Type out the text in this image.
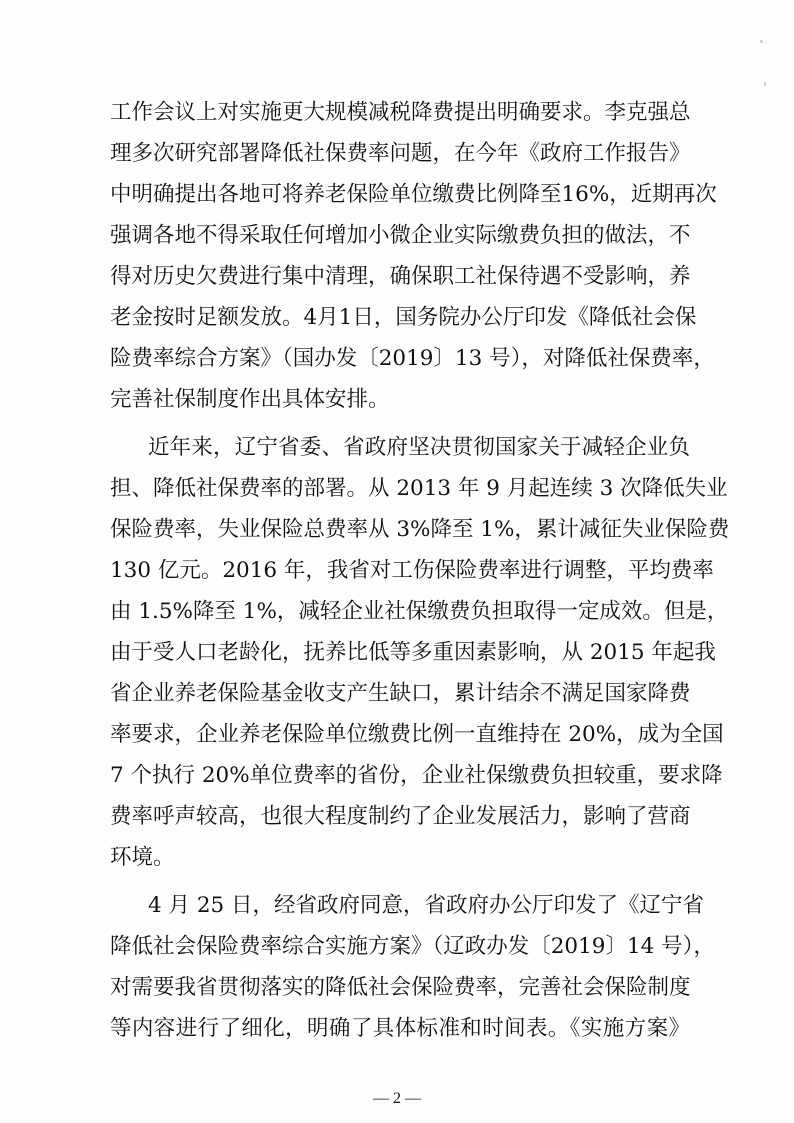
工作会议上对实施更大规模减税降费提出明确要求。李克强总
理多次研究部署降低社保费率问题，在今年《政府工作报告》
中明确提出各地可将养老保险单位缴费比例降至16%，近期再次
强调各地不得采取任何增加小微企业实际缴费负担的做法，不
得对历史欠费进行集中清理，确保职工社保待遇不受影响，养
老金按时足额发放。4月1日，国务院办公厅印发《降低社会保
险费率综合方案》（国办发〔2019〕13 号），对降低社保费率，
完善社保制度作出具体安排。
近年来，辽宁省委、省政府坚决贯彻国家关于减轻企业负
担、降低社保费率的部署。从 2013 年 9 月起连续 3 次降低失业
保险费率，失业保险总费率从 3%降至 1%，累计减征失业保险费
130 亿元。2016 年，我省对工伤保险费率进行调整，平均费率
由 1.5%降至 1%，减轻企业社保缴费负担取得一定成效。但是，
由于受人口老龄化，抚养比低等多重因素影响，从 2015 年起我
省企业养老保险基金收支产生缺口，累计结余不满足国家降费
率要求，企业养老保险单位缴费比例一直维持在 20%，成为全国
7 个执行 20%单位费率的省份，企业社保缴费负担较重，要求降
费率呼声较高，也很大程度制约了企业发展活力，影响了营商
环境。
— 2 —
4 月 25 日，经省政府同意，省政府办公厅印发了《辽宁省
降低社会保险费率综合实施方案》（辽政办发〔2019〕14 号），
对需要我省贯彻落实的降低社会保险费率，完善社会保险制度
等内容进行了细化，明确了具体标准和时间表。《实施方案》
